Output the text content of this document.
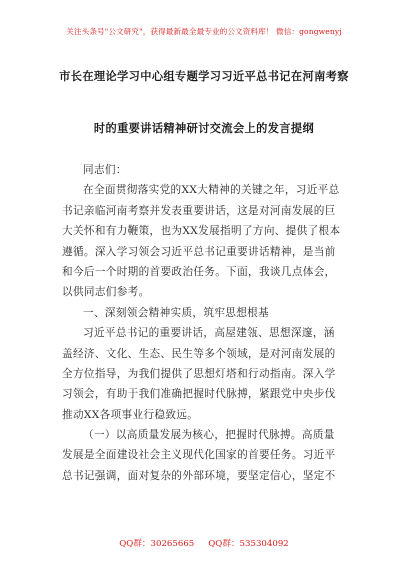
关注头条号"公文研究"，获得最新最全最专业的公文资料库！ 微信：gongwenyj
市长在理论学习中心组专题学习习近平总书记在河南考察
时的重要讲话精神研讨交流会上的发言提纲
同志们：
在全面贯彻落实党的XX大精神的关键之年，习近平总
书记亲临河南考察并发表重要讲话，这是对河南发展的巨
大关怀和有力鞭策，也为XX发展指明了方向、提供了根本
遵循。深入学习领会习近平总书记重要讲话精神，是当前
和今后一个时期的首要政治任务。下面，我谈几点体会，
以供同志们参考。
一、深刻领会精神实质，筑牢思想根基
习近平总书记的重要讲话，高屋建瓴、思想深邃，涵
盖经济、文化、生态、民生等多个领域，是对河南发展的
全方位指导，为我们提供了思想灯塔和行动指南。深入学
习领会，有助于我们准确把握时代脉搏，紧跟党中央步伐
推动XX各项事业行稳致远。
（一）以高质量发展为核心，把握时代脉搏。高质量
发展是全面建设社会主义现代化国家的首要任务。习近平
总书记强调，面对复杂的外部环境，要坚定信心，坚定不
QQ群：30265665 QQ群：535304092
